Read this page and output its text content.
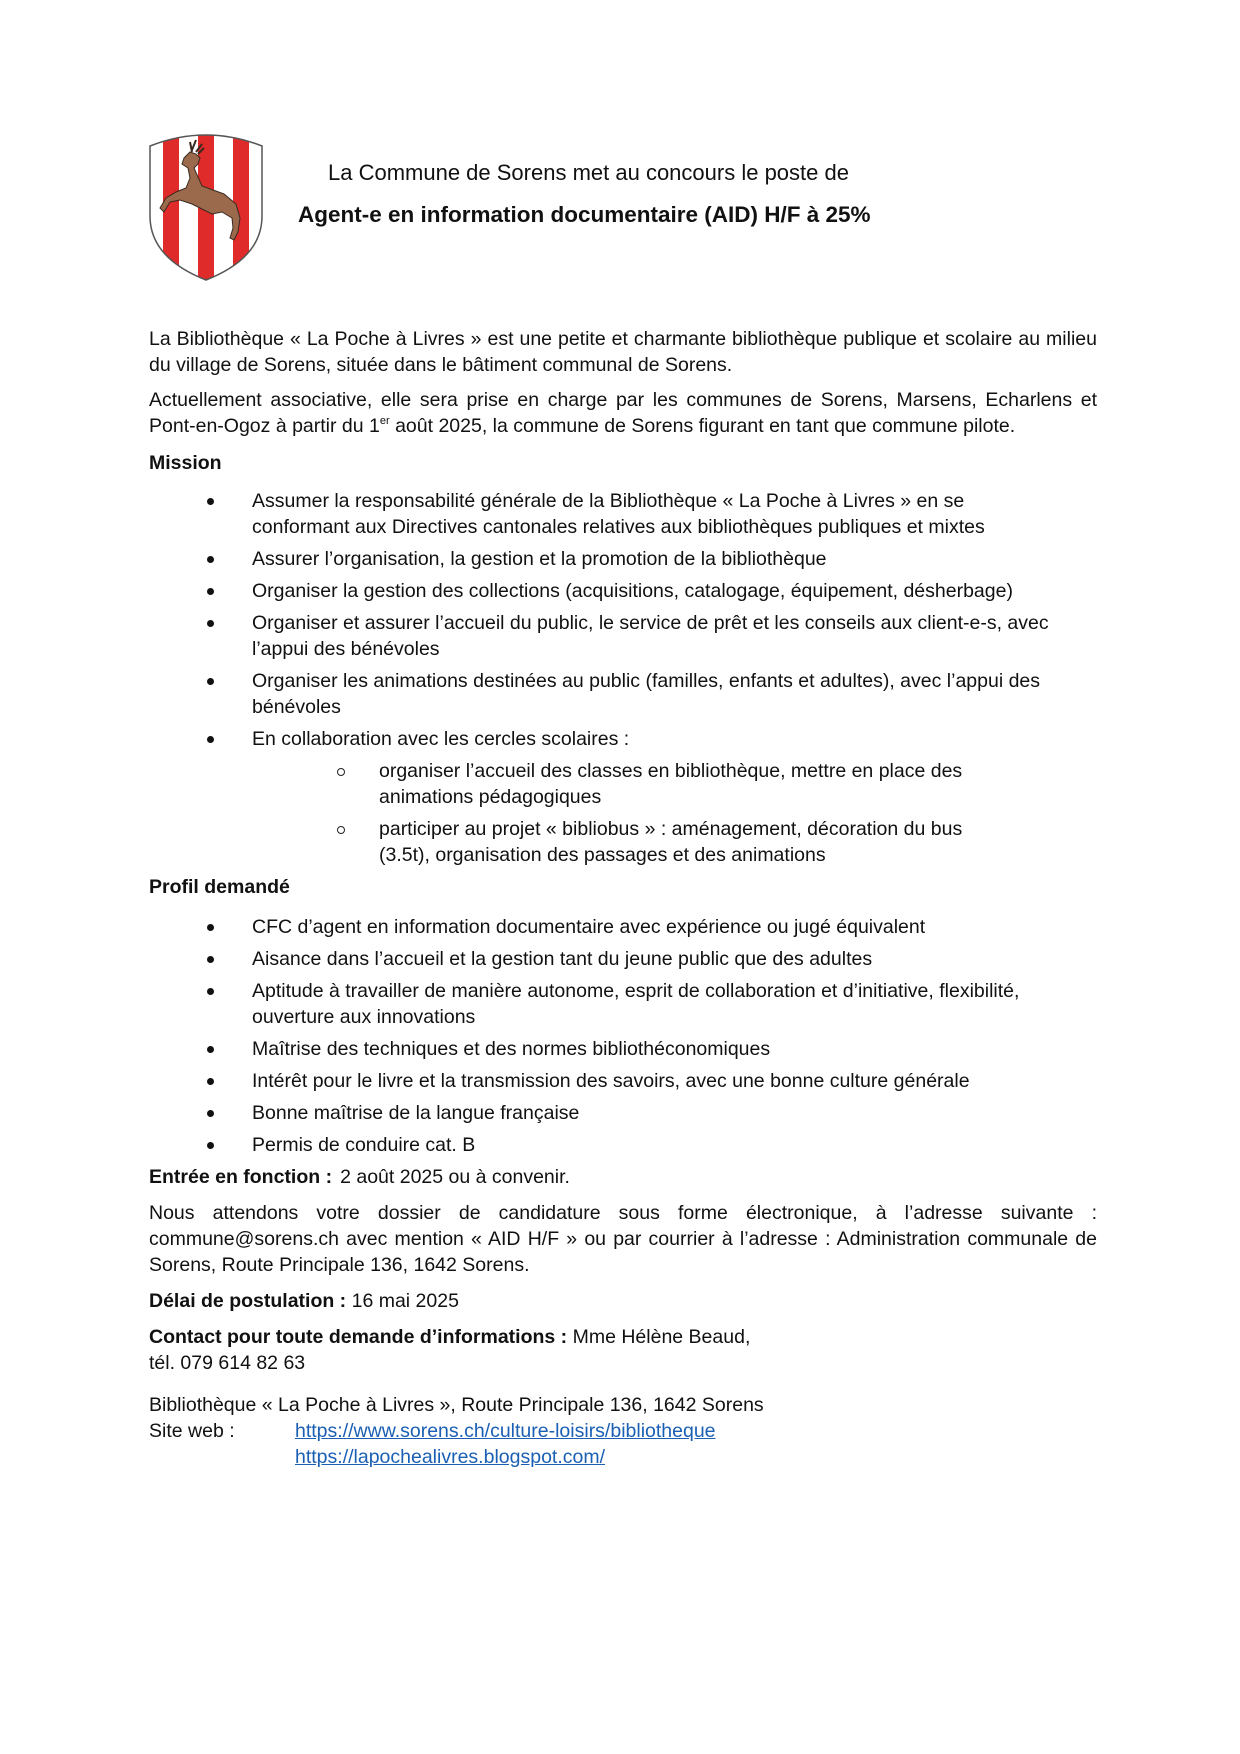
La Commune de Sorens met au concours le poste de
Agent-e en information documentaire (AID) H/F à 25%

La Bibliothèque « La Poche à Livres » est une petite et charmante bibliothèque publique et scolaire au milieu du village de Sorens, située dans le bâtiment communal de Sorens.

Actuellement associative, elle sera prise en charge par les communes de Sorens, Marsens, Echarlens et Pont-en-Ogoz à partir du 1er août 2025, la commune de Sorens figurant en tant que commune pilote.

Mission
Assumer la responsabilité générale de la Bibliothèque « La Poche à Livres » en se conformant aux Directives cantonales relatives aux bibliothèques publiques et mixtes
Assurer l’organisation, la gestion et la promotion de la bibliothèque
Organiser la gestion des collections (acquisitions, catalogage, équipement, désherbage)
Organiser et assurer l’accueil du public, le service de prêt et les conseils aux client-e-s, avec l’appui des bénévoles
Organiser les animations destinées au public (familles, enfants et adultes), avec l’appui des bénévoles
En collaboration avec les cercles scolaires :
organiser l’accueil des classes en bibliothèque, mettre en place des animations pédagogiques
participer au projet « bibliobus » : aménagement, décoration du bus (3.5t), organisation des passages et des animations
Profil demandé
CFC d’agent en information documentaire avec expérience ou jugé équivalent
Aisance dans l’accueil et la gestion tant du jeune public que des adultes
Aptitude à travailler de manière autonome, esprit de collaboration et d’initiative, flexibilité, ouverture aux innovations
Maîtrise des techniques et des normes bibliothéconomiques
Intérêt pour le livre et la transmission des savoirs, avec une bonne culture générale
Bonne maîtrise de la langue française
Permis de conduire cat. B

Entrée en fonction : 2 août 2025 ou à convenir.

Nous attendons votre dossier de candidature sous forme électronique, à l’adresse suivante : commune@sorens.ch avec mention « AID H/F » ou par courrier à l’adresse : Administration communale de Sorens, Route Principale 136, 1642 Sorens.

Délai de postulation : 16 mai 2025

Contact pour toute demande d’informations : Mme Hélène Beaud,
tél. 079 614 82 63
Bibliothèque « La Poche à Livres », Route Principale 136, 1642 Sorens
Site web :	https://www.sorens.ch/culture-loisirs/bibliotheque
https://lapochealivres.blogspot.com/
